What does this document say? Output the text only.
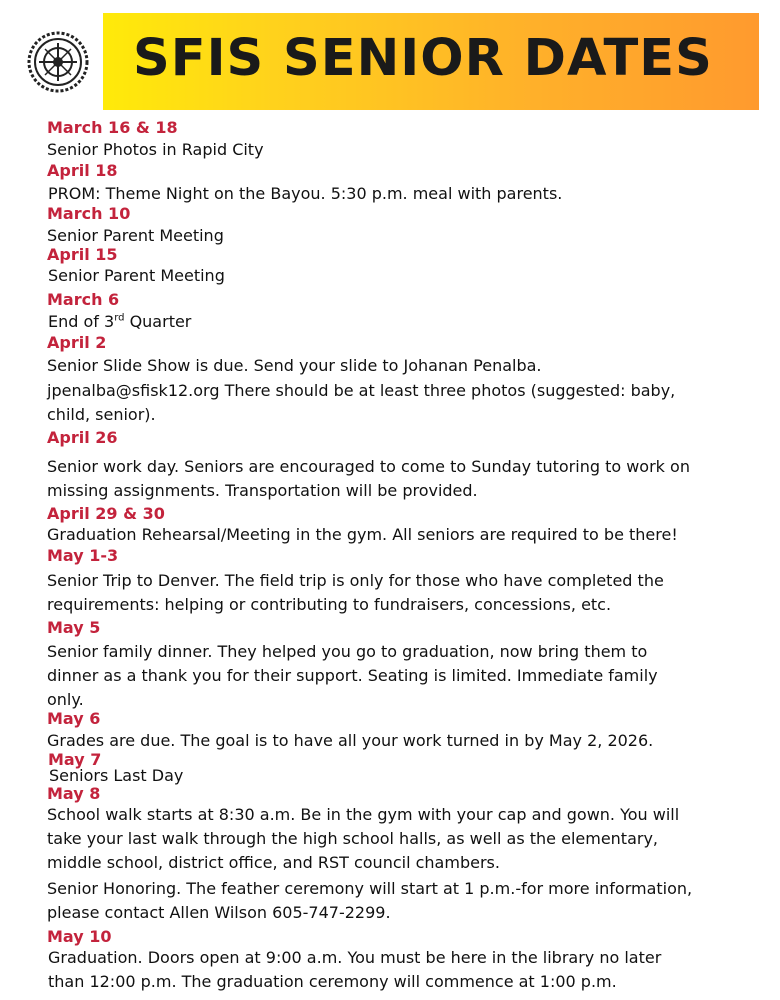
SFIS SENIOR DATES
March 16 & 18
Senior Photos in Rapid City
April 18
PROM: Theme Night on the Bayou. 5:30 p.m. meal with parents.
March 10
Senior Parent Meeting
April 15
Senior Parent Meeting
March 6
End of 3rd Quarter
April 2
Senior Slide Show is due. Send your slide to Johanan Penalba.
jpenalba@sfisk12.org There should be at least three photos (suggested: baby,
child, senior).
April 26
Senior work day. Seniors are encouraged to come to Sunday tutoring to work on
missing assignments. Transportation will be provided.
April 29 & 30
Graduation Rehearsal/Meeting in the gym. All seniors are required to be there!
May 1-3
Senior Trip to Denver. The field trip is only for those who have completed the
requirements: helping or contributing to fundraisers, concessions, etc.
May 5
Senior family dinner. They helped you go to graduation, now bring them to
dinner as a thank you for their support. Seating is limited. Immediate family
only.
May 6
Grades are due. The goal is to have all your work turned in by May 2, 2026.
May 7
Seniors Last Day
May 8
School walk starts at 8:30 a.m. Be in the gym with your cap and gown. You will
take your last walk through the high school halls, as well as the elementary,
middle school, district office, and RST council chambers.
Senior Honoring. The feather ceremony will start at 1 p.m.-for more information,
please contact Allen Wilson 605-747-2299.
May 10
Graduation. Doors open at 9:00 a.m. You must be here in the library no later
than 12:00 p.m. The graduation ceremony will commence at 1:00 p.m.
